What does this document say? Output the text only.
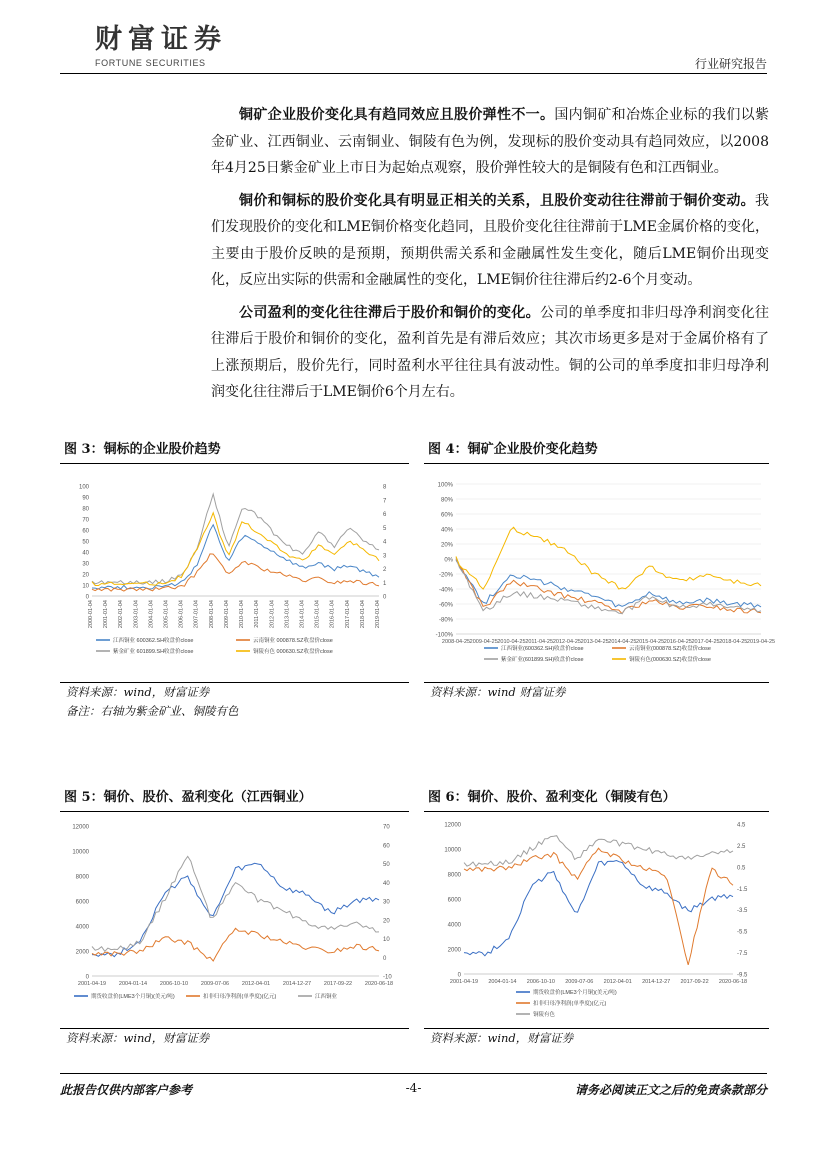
财富证券
FORTUNE SECURITIES	行业研究报告

铜矿企业股价变化具有趋同效应且股价弹性不一。国内铜矿和冶炼企业标的我们以紫金矿业、江西铜业、云南铜业、铜陵有色为例，发现标的股价变动具有趋同效应，以2008年4月25日紫金矿业上市日为起始点观察，股价弹性较大的是铜陵有色和江西铜业。

铜价和铜标的股价变化具有明显正相关的关系，且股价变动往往滞前于铜价变动。我们发现股价的变化和LME铜价格变化趋同，且股价变化往往滞前于LME金属价格的变化，主要由于股价反映的是预期，预期供需关系和金融属性发生变化，随后LME铜价出现变化，反应出实际的供需和金融属性的变化，LME铜价往往滞后约2-6个月变动。

公司盈利的变化往往滞后于股价和铜价的变化。公司的单季度扣非归母净利润变化往往滞后于股价和铜价的变化，盈利首先是有滞后效应；其次市场更多是对于金属价格有了上涨预期后，股价先行，同时盈利水平往往具有波动性。铜的公司的单季度扣非归母净利润变化往往滞后于LME铜价6个月左右。

图 3：铜标的企业股价趋势
100
90
80
70
60
50
40
30
20
10
0
8
7
6
5
4
3
2
1
0
2000-01-04 2001-01-04 2002-01-04 2003-01-04 2004-01-04 2005-01-04 2006-01-04 2007-01-04 2008-01-04 2009-01-04 2010-01-04 2011-01-04 2012-01-04 2013-01-04 2014-01-04 2015-01-04 2016-01-04 2017-01-04 2018-01-04 2019-01-04
江西铜业 600362.SH收盘价close	云南铜业 000878.SZ收盘价close
紫金矿业 601899.SH收盘价close	铜陵有色 000630.SZ收盘价close
资料来源：wind，财富证券
备注：右轴为紫金矿业、铜陵有色
图 4：铜矿企业股价变化趋势
100%
80%
60%
40%
20%
0%
-20%
-40%
-60%
-80%
-100%
2008-04-25 2009-04-25 2010-04-25 2011-04-25 2012-04-25 2013-04-25 2014-04-25 2015-04-25 2016-04-25 2017-04-25 2018-04-25 2019-04-25
江西铜业(600362.SH)收盘价close	云南铜业(000878.SZ)收盘价close
紫金矿业(601899.SH)收盘价close	铜陵有色(000630.SZ)收盘价close
资料来源：wind 财富证券
图 5：铜价、股价、盈利变化（江西铜业）
12000
10000
8000
6000
4000
2000
0
70
60
50
40
30
20
10
0
-10
2001-04-19 2004-01-14 2006-10-10 2009-07-06 2012-04-01 2014-12-27 2017-09-22 2020-06-18
期货收盘价(LME3个月铜)(美元/吨)	扣非归母净利润(单季度)(亿元)	江西铜业
资料来源：wind，财富证券
图 6：铜价、股价、盈利变化（铜陵有色）
12000
10000
8000
6000
4000
2000
0
4.5
2.5
0.5
-1.5
-3.5
-5.5
-7.5
-9.5
2001-04-19 2004-01-14 2006-10-10 2009-07-06 2012-04-01 2014-12-27 2017-09-22 2020-06-18
期货收盘价(LME3个月铜)(美元/吨)
扣非归母净利润(单季度)(亿元)
铜陵有色
资料来源：wind，财富证券
此报告仅供内部客户参考	-4-	请务必阅读正文之后的免责条款部分
